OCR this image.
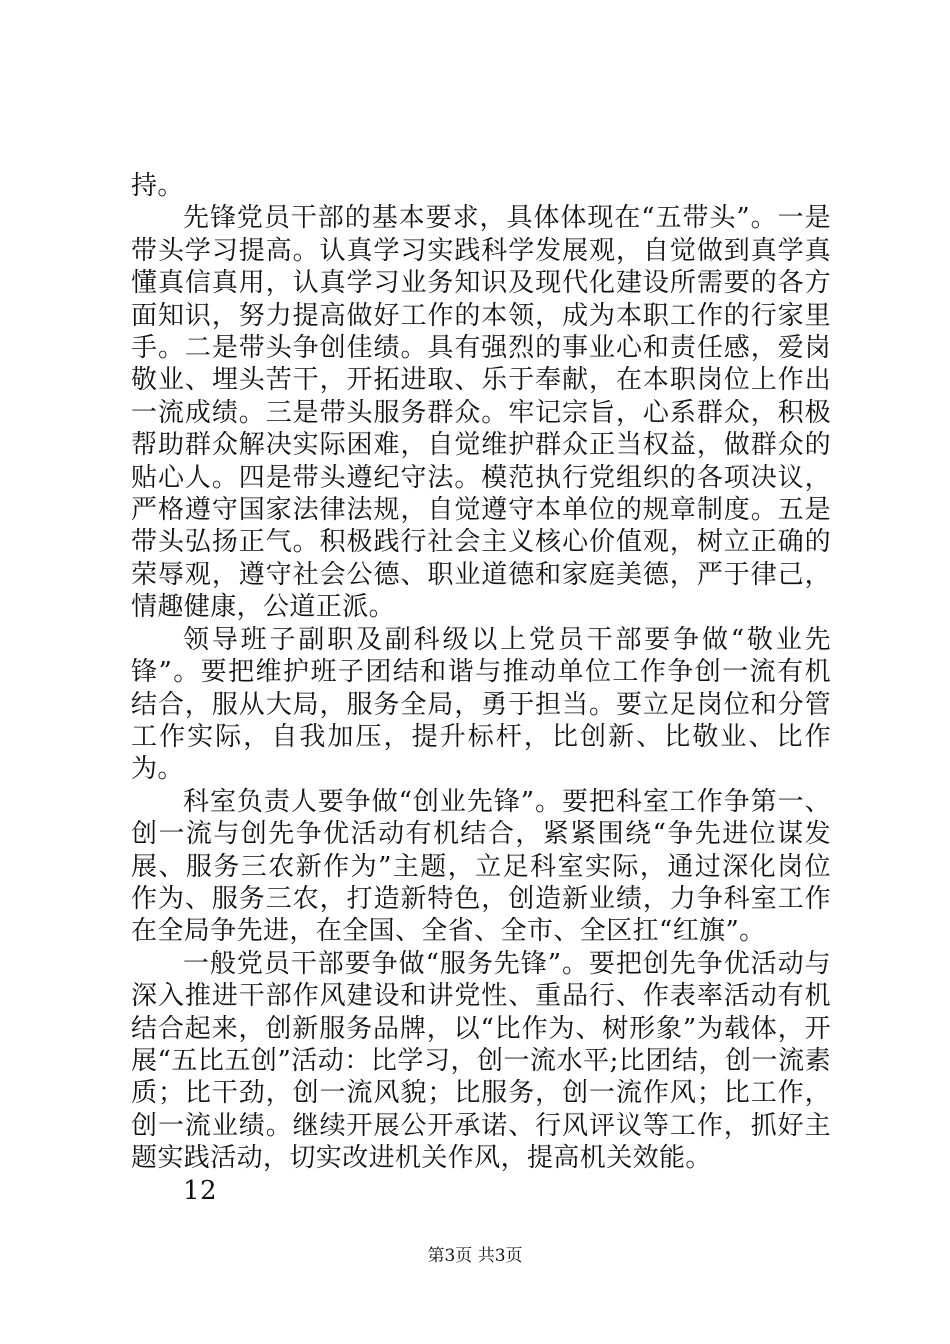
持。

先锋党员干部的基本要求，具体体现在“五带头”。一是带头学习提高。认真学习实践科学发展观，自觉做到真学真懂真信真用，认真学习业务知识及现代化建设所需要的各方面知识，努力提高做好工作的本领，成为本职工作的行家里手。二是带头争创佳绩。具有强烈的事业心和责任感，爱岗敬业、埋头苦干，开拓进取、乐于奉献，在本职岗位上作出一流成绩。三是带头服务群众。牢记宗旨，心系群众，积极帮助群众解决实际困难，自觉维护群众正当权益，做群众的贴心人。四是带头遵纪守法。模范执行党组织的各项决议，严格遵守国家法律法规，自觉遵守本单位的规章制度。五是带头弘扬正气。积极践行社会主义核心价值观，树立正确的荣辱观，遵守社会公德、职业道德和家庭美德，严于律己，情趣健康，公道正派。

领导班子副职及副科级以上党员干部要争做“敬业先锋”。要把维护班子团结和谐与推动单位工作争创一流有机结合，服从大局，服务全局，勇于担当。要立足岗位和分管工作实际，自我加压，提升标杆，比创新、比敬业、比作为。

科室负责人要争做“创业先锋”。要把科室工作争第一、创一流与创先争优活动有机结合，紧紧围绕“争先进位谋发展、服务三农新作为”主题，立足科室实际，通过深化岗位作为、服务三农，打造新特色，创造新业绩，力争科室工作在全局争先进，在全国、全省、全市、全区扛“红旗”。

一般党员干部要争做“服务先锋”。要把创先争优活动与深入推进干部作风建设和讲党性、重品行、作表率活动有机结合起来，创新服务品牌，以“比作为、树形象”为载体，开展“五比五创”活动：比学习，创一流水平;比团结，创一流素质；比干劲，创一流风貌；比服务，创一流作风；比工作，创一流业绩。继续开展公开承诺、行风评议等工作，抓好主题实践活动，切实改进机关作风，提高机关效能。

12

第3页 共3页
